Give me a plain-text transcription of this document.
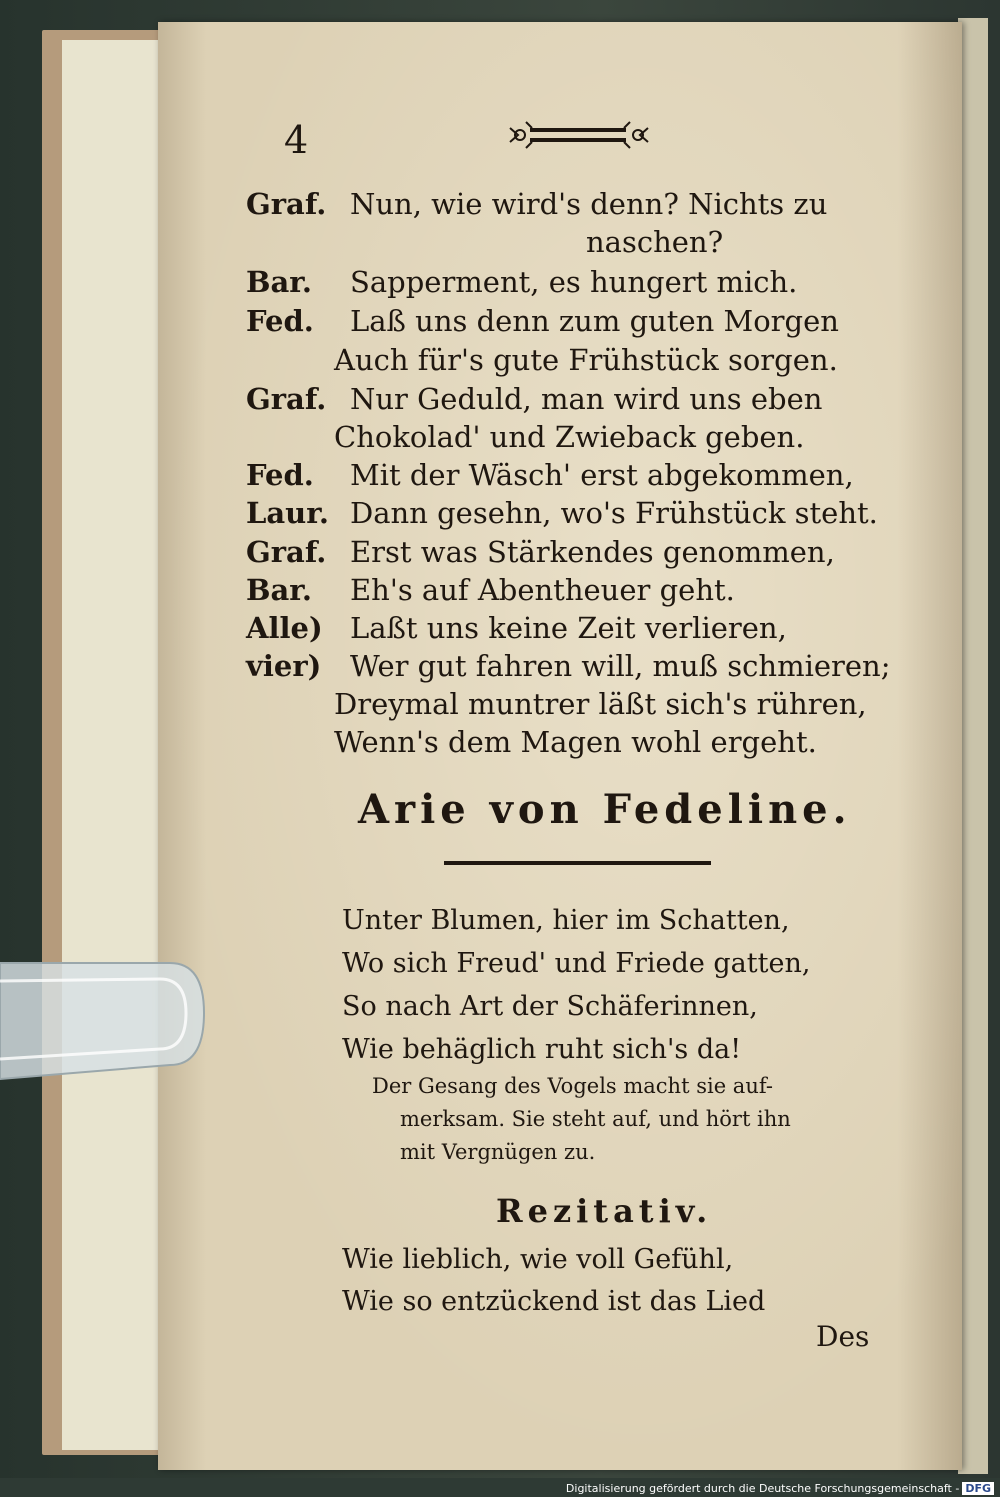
4
Graf. Nun, wie wird's denn? Nichts zu
naschen?
Bar. Sapperment, es hungert mich.
Fed. Laß uns denn zum guten Morgen
Auch für's gute Frühstück sorgen.
Graf. Nur Geduld, man wird uns eben
Chokolad' und Zwieback geben.
Fed. Mit der Wäsch' erst abgekommen,
Laur. Dann gesehn, wo's Frühstück steht.
Graf. Erst was Stärkendes genommen,
Bar. Eh's auf Abentheuer geht.
Alle) Laßt uns keine Zeit verlieren,
vier) Wer gut fahren will, muß schmieren;
Dreymal muntrer läßt sich's rühren,
Wenn's dem Magen wohl ergeht.
Arie von Fedeline.
Unter Blumen, hier im Schatten,
Wo sich Freud' und Friede gatten,
So nach Art der Schäferinnen,
Wie behäglich ruht sich's da!
Der Gesang des Vogels macht sie auf-
merksam. Sie steht auf, und hört ihn
mit Vergnügen zu.
Rezitativ.
Wie lieblich, wie voll Gefühl,
Wie so entzückend ist das Lied
Des
Digitalisierung gefördert durch die Deutsche Forschungsgemeinschaft - DFG
